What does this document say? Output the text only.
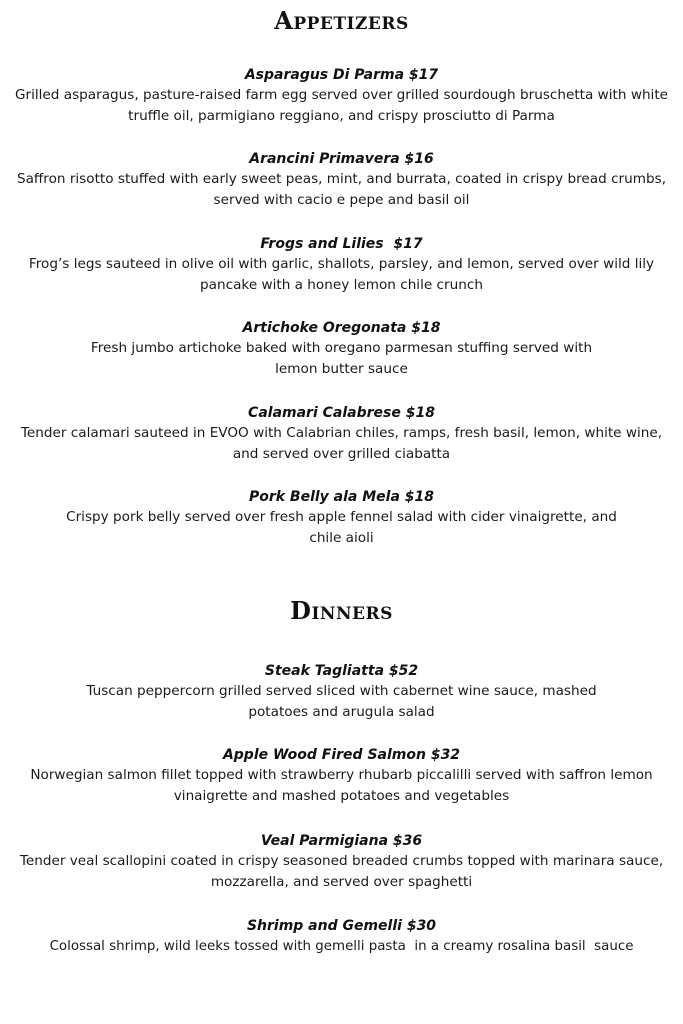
Appetizers
Asparagus Di Parma $17
Grilled asparagus, pasture-raised farm egg served over grilled sourdough bruschetta with white truffle oil, parmigiano reggiano, and crispy prosciutto di Parma
Arancini Primavera $16
Saffron risotto stuffed with early sweet peas, mint, and burrata, coated in crispy bread crumbs, served with cacio e pepe and basil oil
Frogs and Lilies  $17
Frog’s legs sauteed in olive oil with garlic, shallots, parsley, and lemon, served over wild lily pancake with a honey lemon chile crunch
Artichoke Oregonata $18
Fresh jumbo artichoke baked with oregano parmesan stuffing served with lemon butter sauce
Calamari Calabrese $18
Tender calamari sauteed in EVOO with Calabrian chiles, ramps, fresh basil, lemon, white wine, and served over grilled ciabatta
Pork Belly ala Mela $18
Crispy pork belly served over fresh apple fennel salad with cider vinaigrette, and chile aioli
Dinners
Steak Tagliatta $52
Tuscan peppercorn grilled served sliced with cabernet wine sauce, mashed potatoes and arugula salad
Apple Wood Fired Salmon $32
Norwegian salmon fillet topped with strawberry rhubarb piccalilli served with saffron lemon vinaigrette and mashed potatoes and vegetables
Veal Parmigiana $36
Tender veal scallopini coated in crispy seasoned breaded crumbs topped with marinara sauce, mozzarella, and served over spaghetti
Shrimp and Gemelli $30
Colossal shrimp, wild leeks tossed with gemelli pasta  in a creamy rosalina basil  sauce
